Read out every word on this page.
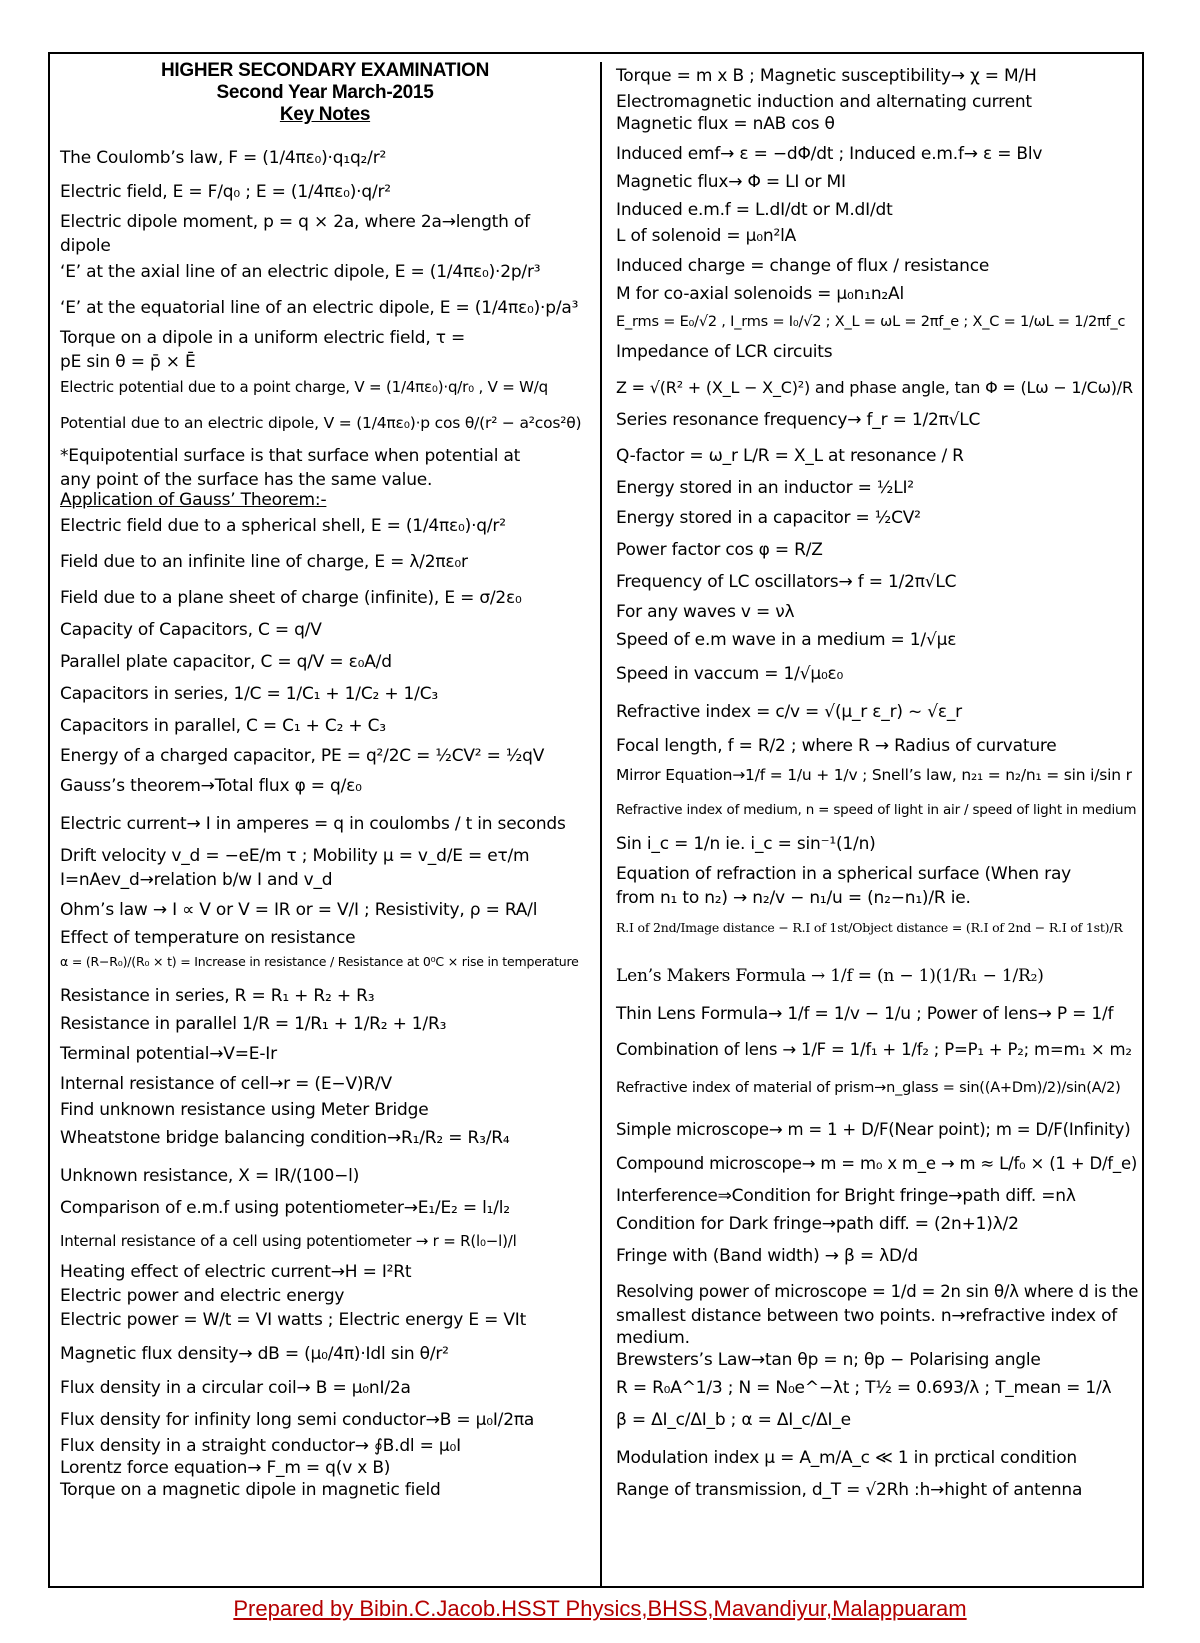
HIGHER SECONDARY EXAMINATION
Second Year March-2015
Key Notes
The Coulomb’s law, F = (1/4πε₀)·q₁q₂/r²
Electric field, E = F/q₀ ; E = (1/4πε₀)·q/r²
Electric dipole moment, p = q × 2a, where 2a→length of
dipole
‘E’ at the axial line of an electric dipole, E = (1/4πε₀)·2p/r³
‘E’ at the equatorial line of an electric dipole, E = (1/4πε₀)·p/a³
Torque on a dipole in a uniform electric field, τ =
pE sin θ = p̄ × Ē
Electric potential due to a point charge, V = (1/4πε₀)·q/r₀ , V = W/q
Potential due to an electric dipole, V = (1/4πε₀)·p cos θ/(r² − a²cos²θ)
*Equipotential surface is that surface when potential at
any point of the surface has the same value.
Application of Gauss’ Theorem:-
Electric field due to a spherical shell, E = (1/4πε₀)·q/r²
Field due to an infinite line of charge, E = λ/2πε₀r
Field due to a plane sheet of charge (infinite), E = σ/2ε₀
Capacity of Capacitors, C = q/V
Parallel plate capacitor, C = q/V = ε₀A/d
Capacitors in series, 1/C = 1/C₁ + 1/C₂ + 1/C₃
Capacitors in parallel, C = C₁ + C₂ + C₃
Energy of a charged capacitor, PE = q²/2C = ½CV² = ½qV
Gauss’s theorem→Total flux φ = q/ε₀
Electric current→ I in amperes = q in coulombs / t in seconds
Drift velocity v_d = −eE/m τ ; Mobility μ = v_d/E = eτ/m
I=nAev_d→relation b/w I and v_d
Ohm’s law → I ∝ V or V = IR or = V/I ; Resistivity, ρ = RA/l
Effect of temperature on resistance
α = (R−R₀)/(R₀ × t) = Increase in resistance / Resistance at 0⁰C × rise in temperature
Resistance in series, R = R₁ + R₂ + R₃
Resistance in parallel 1/R = 1/R₁ + 1/R₂ + 1/R₃
Terminal potential→V=E-Ir
Internal resistance of cell→r = (E−V)R/V
Find unknown resistance using Meter Bridge
Wheatstone bridge balancing condition→R₁/R₂ = R₃/R₄
Unknown resistance, X = lR/(100−l)
Comparison of e.m.f using potentiometer→E₁/E₂ = l₁/l₂
Internal resistance of a cell using potentiometer → r = R(l₀−l)/l
Heating effect of electric current→H = I²Rt
Electric power and electric energy
Electric power = W/t = VI watts ; Electric energy E = VIt
Magnetic flux density→ dB = (μ₀/4π)·Idl sin θ/r²
Flux density in a circular coil→ B = μ₀nI/2a
Flux density for infinity long semi conductor→B = μ₀I/2πa
Flux density in a straight conductor→ ∮B.dl = μ₀I
Lorentz force equation→ F_m = q(v x B)
Torque on a magnetic dipole in magnetic field
Torque = m x B ; Magnetic susceptibility→ χ = M/H
Electromagnetic induction and alternating current
Magnetic flux = nAB cos θ
Induced emf→ ε = −dΦ/dt ; Induced e.m.f→ ε = Blv
Magnetic flux→ Φ = LI or MI
Induced e.m.f = L.dI/dt or M.dI/dt
L of solenoid = μ₀n²lA
Induced charge = change of flux / resistance
M for co-axial solenoids = μ₀n₁n₂Al
E_rms = E₀/√2 , I_rms = I₀/√2 ; X_L = ωL = 2πf_e ; X_C = 1/ωL = 1/2πf_c
Impedance of LCR circuits
Z = √(R² + (X_L − X_C)²) and phase angle, tan Φ = (Lω − 1/Cω)/R
Series resonance frequency→ f_r = 1/2π√LC
Q-factor = ω_r L/R = X_L at resonance / R
Energy stored in an inductor = ½LI²
Energy stored in a capacitor = ½CV²
Power factor cos φ = R/Z
Frequency of LC oscillators→ f = 1/2π√LC
For any waves v = νλ
Speed of e.m wave in a medium = 1/√με
Speed in vaccum = 1/√μ₀ε₀
Refractive index = c/v = √(μ_r ε_r) ~ √ε_r
Focal length, f = R/2 ; where R → Radius of curvature
Mirror Equation→1/f = 1/u + 1/v ; Snell’s law, n₂₁ = n₂/n₁ = sin i/sin r
Refractive index of medium, n = speed of light in air / speed of light in medium
Sin i_c = 1/n ie. i_c = sin⁻¹(1/n)
Equation of refraction in a spherical surface (When ray
from n₁ to n₂) → n₂/v − n₁/u = (n₂−n₁)/R ie.
R.I of 2nd/Image distance − R.I of 1st/Object distance = (R.I of 2nd − R.I of 1st)/R
Len’s Makers Formula → 1/f = (n − 1)(1/R₁ − 1/R₂)
Thin Lens Formula→ 1/f = 1/v − 1/u ; Power of lens→ P = 1/f
Combination of lens → 1/F = 1/f₁ + 1/f₂ ; P=P₁ + P₂; m=m₁ × m₂
Refractive index of material of prism→n_glass = sin((A+Dm)/2)/sin(A/2)
Simple microscope→ m = 1 + D/F(Near point); m = D/F(Infinity)
Compound microscope→ m = m₀ x m_e → m ≈ L/f₀ × (1 + D/f_e)
Interference⇒Condition for Bright fringe→path diff. =nλ
Condition for Dark fringe→path diff. = (2n+1)λ/2
Fringe with (Band width) → β = λD/d
Resolving power of microscope = 1/d = 2n sin θ/λ where d is the
smallest distance between two points. n→refractive index of
medium.
Brewsters’s Law→tan θp = n; θp − Polarising angle
R = R₀A^1/3 ; N = N₀e^−λt ; T½ = 0.693/λ ; T_mean = 1/λ
β = ΔI_c/ΔI_b ; α = ΔI_c/ΔI_e
Modulation index μ = A_m/A_c ≪ 1 in prctical condition
Range of transmission, d_T = √2Rh :h→hight of antenna
Prepared by Bibin.C.Jacob.HSST Physics,BHSS,Mavandiyur,Malappuaram
